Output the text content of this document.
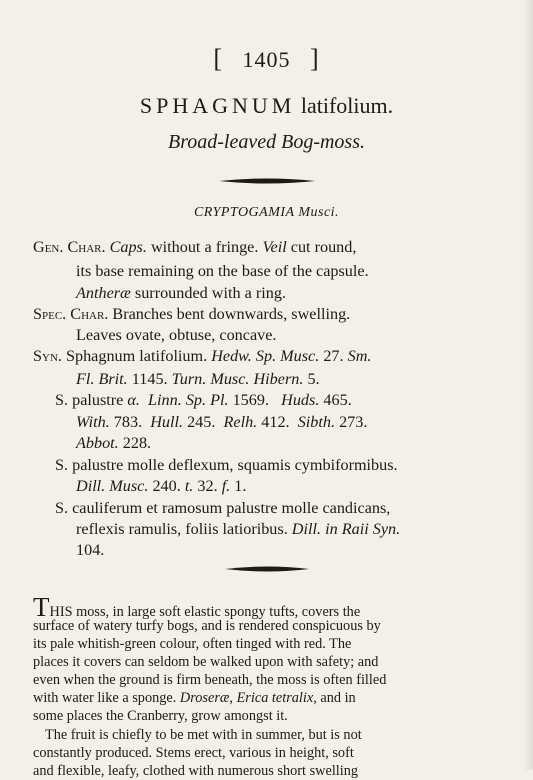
[ 1405 ]
SPHAGNUM latifolium.
Broad-leaved Bog-moss.
CRYPTOGAMIA Musci.
Gen. Char. Caps. without a fringe. Veil cut round,
its base remaining on the base of the capsule.
Antheræ surrounded with a ring.
Spec. Char. Branches bent downwards, swelling.
Leaves ovate, obtuse, concave.
Syn. Sphagnum latifolium. Hedw. Sp. Musc. 27. Sm.
Fl. Brit. 1145. Turn. Musc. Hibern. 5.
S. palustre α. Linn. Sp. Pl. 1569. Huds. 465.
With. 783. Hull. 245. Relh. 412. Sibth. 273.
Abbot. 228.
S. palustre molle deflexum, squamis cymbiformibus.
Dill. Musc. 240. t. 32. f. 1.
S. cauliferum et ramosum palustre molle candicans,
reflexis ramulis, foliis latioribus. Dill. in Raii Syn.
104.
THIS moss, in large soft elastic spongy tufts, covers the
surface of watery turfy bogs, and is rendered conspicuous by
its pale whitish-green colour, often tinged with red. The
places it covers can seldom be walked upon with safety; and
even when the ground is firm beneath, the moss is often filled
with water like a sponge. Droseræ, Erica tetralix, and in
some places the Cranberry, grow amongst it.
The fruit is chiefly to be met with in summer, but is not
constantly produced. Stems erect, various in height, soft
and flexible, leafy, clothed with numerous short swelling
